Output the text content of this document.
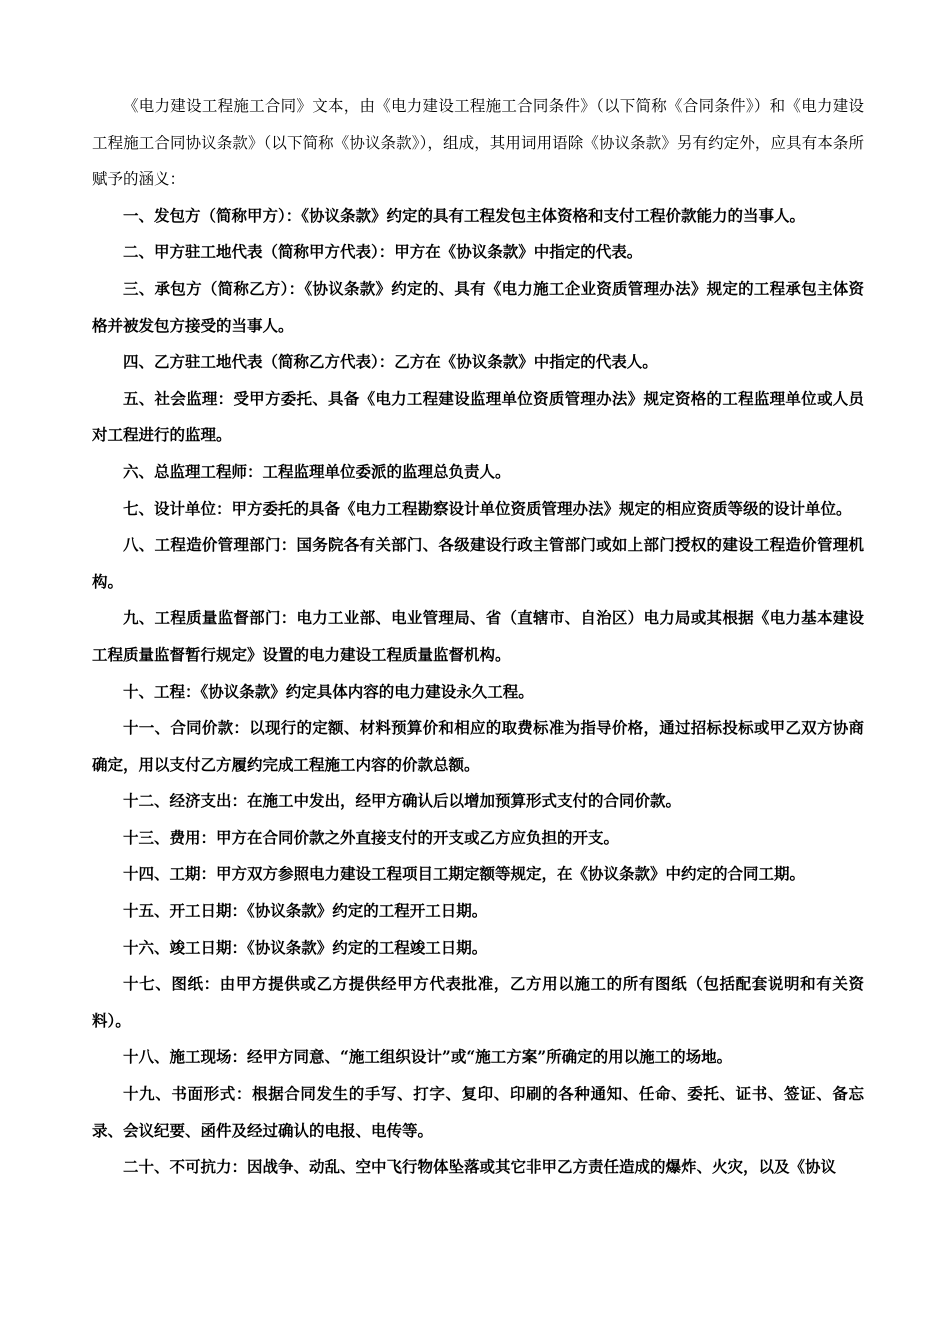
《电力建设工程施工合同》文本，由《电力建设工程施工合同条件》（以下简称《合同条件》）和《电力建设工程施工合同协议条款》（以下简称《协议条款》），组成，其用词用语除《协议条款》另有约定外，应具有本条所赋予的涵义：

一、发包方（简称甲方）：《协议条款》约定的具有工程发包主体资格和支付工程价款能力的当事人。

二、甲方驻工地代表（简称甲方代表）：甲方在《协议条款》中指定的代表。

三、承包方（简称乙方）：《协议条款》约定的、具有《电力施工企业资质管理办法》规定的工程承包主体资格并被发包方接受的当事人。

四、乙方驻工地代表（简称乙方代表）：乙方在《协议条款》中指定的代表人。

五、社会监理：受甲方委托、具备《电力工程建设监理单位资质管理办法》规定资格的工程监理单位或人员对工程进行的监理。

六、总监理工程师：工程监理单位委派的监理总负责人。

七、设计单位：甲方委托的具备《电力工程勘察设计单位资质管理办法》规定的相应资质等级的设计单位。

八、工程造价管理部门：国务院各有关部门、各级建设行政主管部门或如上部门授权的建设工程造价管理机构。

九、工程质量监督部门：电力工业部、电业管理局、省（直辖市、自治区）电力局或其根据《电力基本建设工程质量监督暂行规定》设置的电力建设工程质量监督机构。

十、工程：《协议条款》约定具体内容的电力建设永久工程。

十一、合同价款：以现行的定额、材料预算价和相应的取费标准为指导价格，通过招标投标或甲乙双方协商确定，用以支付乙方履约完成工程施工内容的价款总额。

十二、经济支出：在施工中发出，经甲方确认后以增加预算形式支付的合同价款。

十三、费用：甲方在合同价款之外直接支付的开支或乙方应负担的开支。

十四、工期：甲方双方参照电力建设工程项目工期定额等规定，在《协议条款》中约定的合同工期。

十五、开工日期：《协议条款》约定的工程开工日期。

十六、竣工日期：《协议条款》约定的工程竣工日期。

十七、图纸：由甲方提供或乙方提供经甲方代表批准，乙方用以施工的所有图纸（包括配套说明和有关资料）。

十八、施工现场：经甲方同意、“施工组织设计”或“施工方案”所确定的用以施工的场地。

十九、书面形式：根据合同发生的手写、打字、复印、印刷的各种通知、任命、委托、证书、签证、备忘录、会议纪要、函件及经过确认的电报、电传等。

二十、不可抗力：因战争、动乱、空中飞行物体坠落或其它非甲乙方责任造成的爆炸、火灾，以及《协议
